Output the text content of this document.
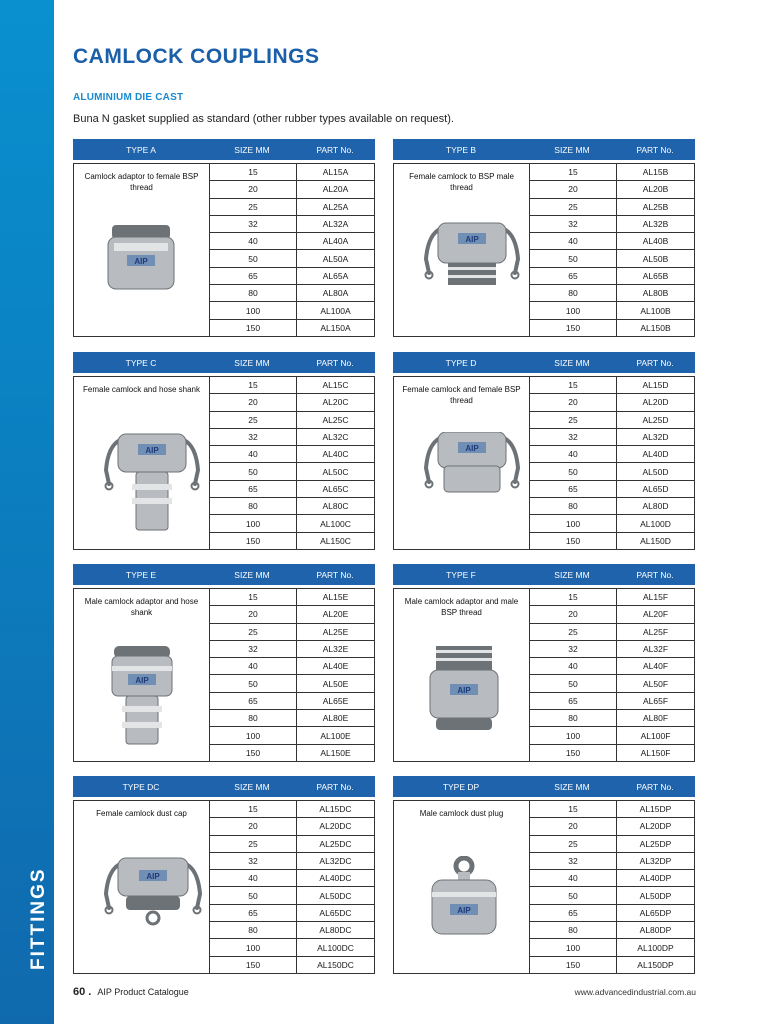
FITTINGS
CAMLOCK COUPLINGS
ALUMINIUM DIE CAST
Buna N gasket supplied as standard (other rubber types available on request).
TYPE A	SIZE MM	PART No.
Camlock adaptor to female BSP thread
AIP
15	AL15A
20	AL20A
25	AL25A
32	AL32A
40	AL40A
50	AL50A
65	AL65A
80	AL80A
100	AL100A
150	AL150A
TYPE B	SIZE MM	PART No.
Female camlock to BSP male thread
AIP
15	AL15B
20	AL20B
25	AL25B
32	AL32B
40	AL40B
50	AL50B
65	AL65B
80	AL80B
100	AL100B
150	AL150B
TYPE C	SIZE MM	PART No.
Female camlock and hose shank
AIP
15	AL15C
20	AL20C
25	AL25C
32	AL32C
40	AL40C
50	AL50C
65	AL65C
80	AL80C
100	AL100C
150	AL150C
TYPE D	SIZE MM	PART No.
Female camlock and female BSP thread
AIP
15	AL15D
20	AL20D
25	AL25D
32	AL32D
40	AL40D
50	AL50D
65	AL65D
80	AL80D
100	AL100D
150	AL150D
TYPE E	SIZE MM	PART No.
Male camlock adaptor and hose shank
AIP
15	AL15E
20	AL20E
25	AL25E
32	AL32E
40	AL40E
50	AL50E
65	AL65E
80	AL80E
100	AL100E
150	AL150E
TYPE F	SIZE MM	PART No.
Male camlock adaptor and male BSP thread
AIP
15	AL15F
20	AL20F
25	AL25F
32	AL32F
40	AL40F
50	AL50F
65	AL65F
80	AL80F
100	AL100F
150	AL150F
TYPE DC	SIZE MM	PART No.
Female camlock dust cap
AIP
15	AL15DC
20	AL20DC
25	AL25DC
32	AL32DC
40	AL40DC
50	AL50DC
65	AL65DC
80	AL80DC
100	AL100DC
150	AL150DC
TYPE DP	SIZE MM	PART No.
Male camlock dust plug
AIP
15	AL15DP
20	AL20DP
25	AL25DP
32	AL32DP
40	AL40DP
50	AL50DP
65	AL65DP
80	AL80DP
100	AL100DP
150	AL150DP
60 . AIP Product Catalogue	www.advancedindustrial.com.au
